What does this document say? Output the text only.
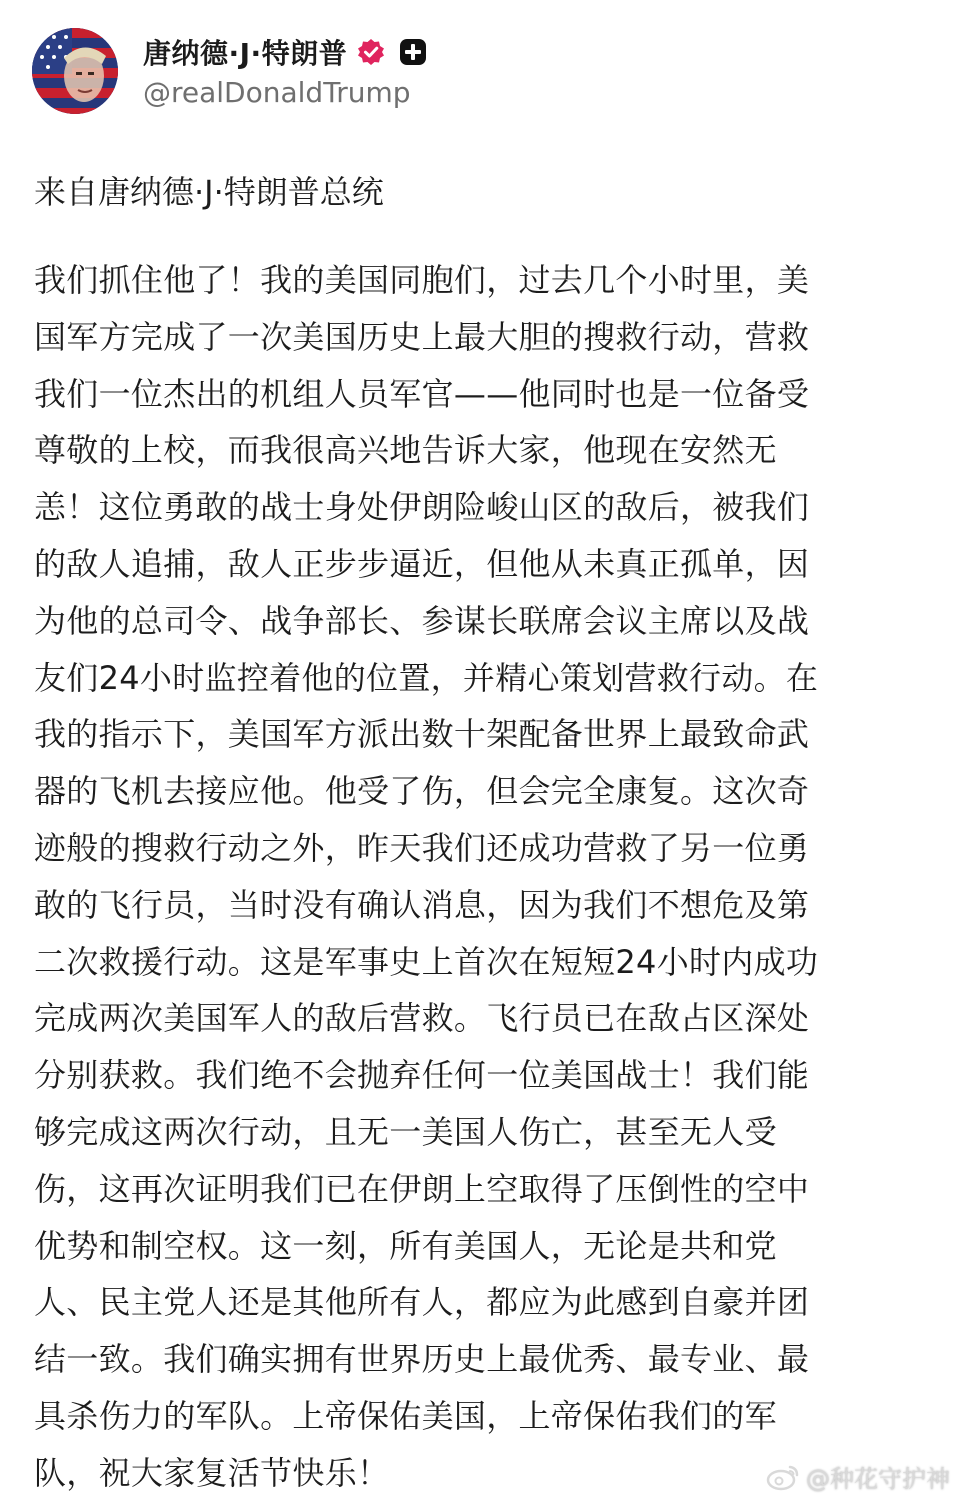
唐纳德·J·特朗普
@realDonaldTrump
来自唐纳德·J·特朗普总统
我们抓住他了！我的美国同胞们，过去几个小时里，美
国军方完成了一次美国历史上最大胆的搜救行动，营救
我们一位杰出的机组人员军官——他同时也是一位备受
尊敬的上校，而我很高兴地告诉大家，他现在安然无
恙！这位勇敢的战士身处伊朗险峻山区的敌后，被我们
的敌人追捕，敌人正步步逼近，但他从未真正孤单，因
为他的总司令、战争部长、参谋长联席会议主席以及战
友们24小时监控着他的位置，并精心策划营救行动。在
我的指示下，美国军方派出数十架配备世界上最致命武
器的飞机去接应他。他受了伤，但会完全康复。这次奇
迹般的搜救行动之外，昨天我们还成功营救了另一位勇
敢的飞行员，当时没有确认消息，因为我们不想危及第
二次救援行动。这是军事史上首次在短短24小时内成功
完成两次美国军人的敌后营救。飞行员已在敌占区深处
分别获救。我们绝不会抛弃任何一位美国战士！我们能
够完成这两次行动，且无一美国人伤亡，甚至无人受
伤，这再次证明我们已在伊朗上空取得了压倒性的空中
优势和制空权。这一刻，所有美国人，无论是共和党
人、民主党人还是其他所有人，都应为此感到自豪并团
结一致。我们确实拥有世界历史上最优秀、最专业、最
具杀伤力的军队。上帝保佑美国，上帝保佑我们的军
队，祝大家复活节快乐！	@种花守护神
